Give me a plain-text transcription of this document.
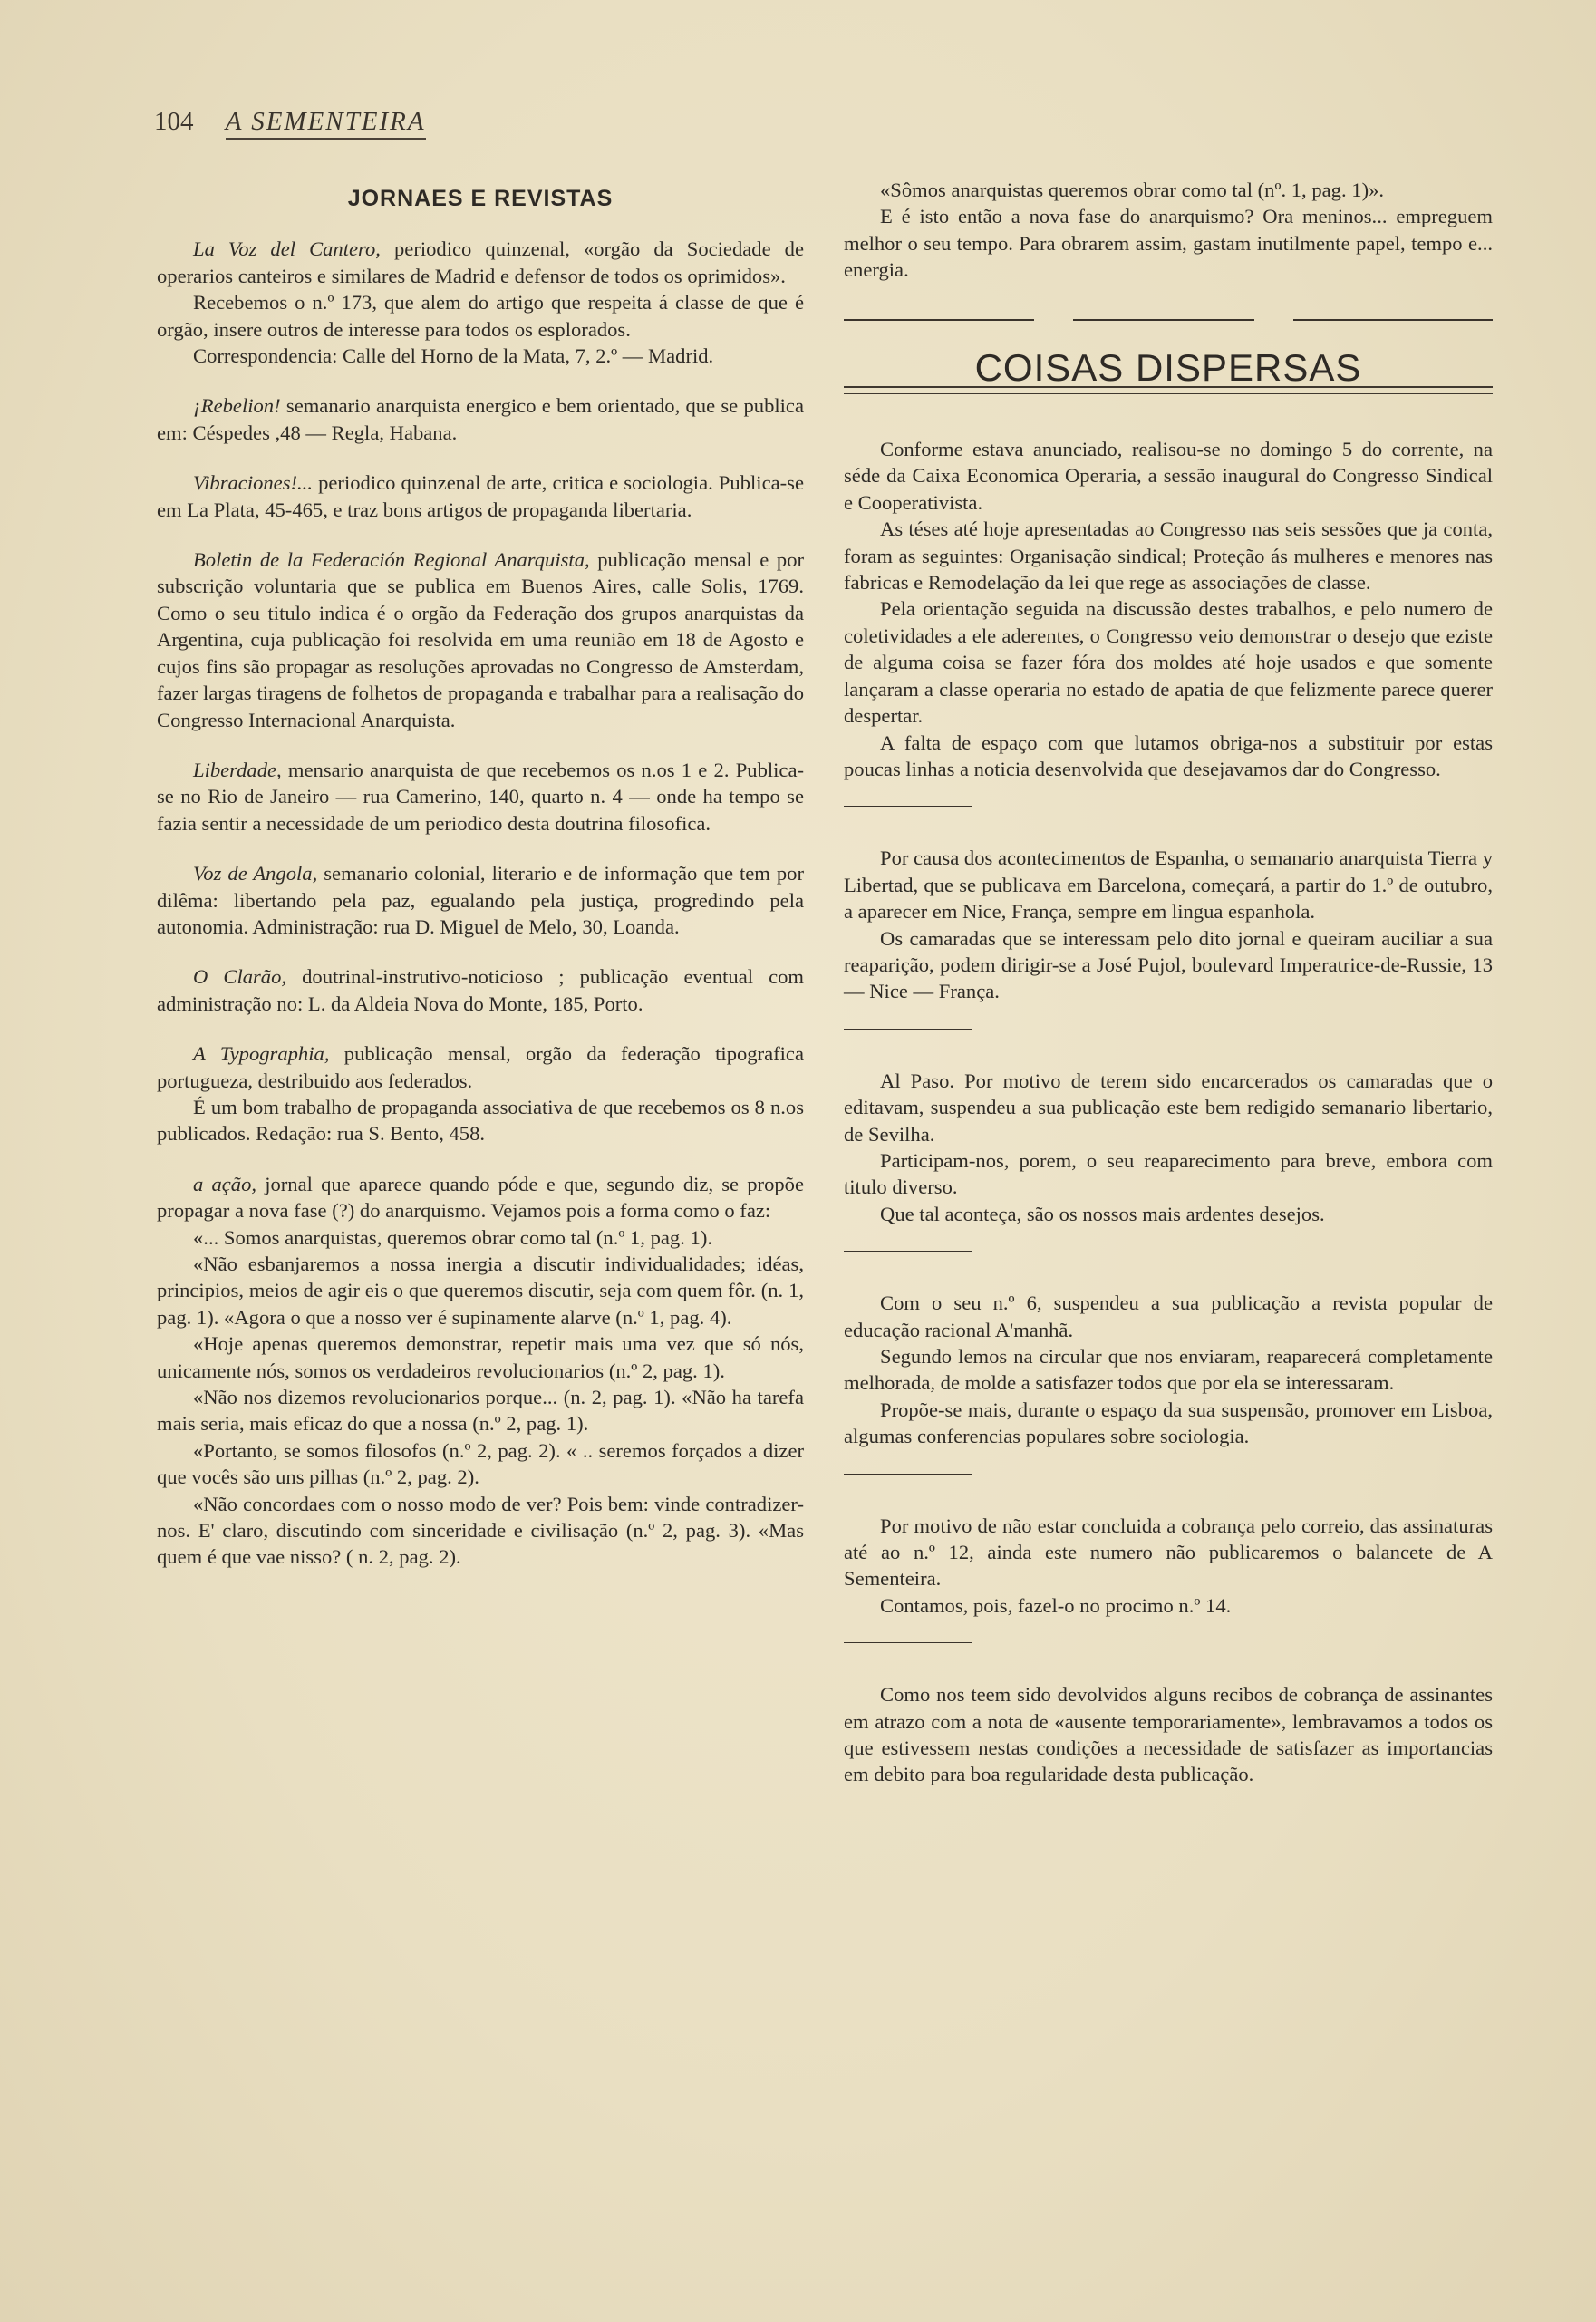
104 A SEMENTEIRA
JORNAES E REVISTAS

La Voz del Cantero, periodico quinzenal, «orgão da Sociedade de operarios canteiros e similares de Madrid e defensor de todos os oprimidos».

Recebemos o n.º 173, que alem do artigo que respeita á classe de que é orgão, insere outros de interesse para todos os esplorados.

Correspondencia: Calle del Horno de la Mata, 7, 2.º — Madrid.

¡Rebelion! semanario anarquista energico e bem orientado, que se publica em: Céspedes ,48 — Regla, Habana.

Vibraciones!... periodico quinzenal de arte, critica e sociologia. Publica-se em La Plata, 45-465, e traz bons artigos de propaganda libertaria.

Boletin de la Federación Regional Anarquista, publicação mensal e por subscrição voluntaria que se publica em Buenos Aires, calle Solis, 1769. Como o seu titulo indica é o orgão da Federação dos grupos anarquistas da Argentina, cuja publicação foi resolvida em uma reunião em 18 de Agosto e cujos fins são propagar as resoluções aprovadas no Congresso de Amsterdam, fazer largas tiragens de folhetos de propaganda e trabalhar para a realisação do Congresso Internacional Anarquista.

Liberdade, mensario anarquista de que recebemos os n.os 1 e 2. Publica-se no Rio de Janeiro — rua Camerino, 140, quarto n. 4 — onde ha tempo se fazia sentir a necessidade de um periodico desta doutrina filosofica.

Voz de Angola, semanario colonial, literario e de informação que tem por dilêma: libertando pela paz, egualando pela justiça, progredindo pela autonomia. Administração: rua D. Miguel de Melo, 30, Loanda.

O Clarão, doutrinal-instrutivo-noticioso ; publicação eventual com administração no: L. da Aldeia Nova do Monte, 185, Porto.

A Typographia, publicação mensal, orgão da federação tipografica portugueza, destribuido aos federados.

É um bom trabalho de propaganda associativa de que recebemos os 8 n.os publicados. Redação: rua S. Bento, 458.

a ação, jornal que aparece quando póde e que, segundo diz, se propõe propagar a nova fase (?) do anarquismo. Vejamos pois a forma como o faz:

«... Somos anarquistas, queremos obrar como tal (n.º 1, pag. 1).

«Não esbanjaremos a nossa inergia a discutir individualidades; idéas, principios, meios de agir eis o que queremos discutir, seja com quem fôr. (n. 1, pag. 1). «Agora o que a nosso ver é supinamente alarve (n.º 1, pag. 4).

«Hoje apenas queremos demonstrar, repetir mais uma vez que só nós, unicamente nós, somos os verdadeiros revolucionarios (n.º 2, pag. 1).

«Não nos dizemos revolucionarios porque... (n. 2, pag. 1). «Não ha tarefa mais seria, mais eficaz do que a nossa (n.º 2, pag. 1).

«Portanto, se somos filosofos (n.º 2, pag. 2). « .. seremos forçados a dizer que vocês são uns pilhas (n.º 2, pag. 2).

«Não concordaes com o nosso modo de ver? Pois bem: vinde contradizer-nos. E' claro, discutindo com sinceridade e civilisação (n.º 2, pag. 3). «Mas quem é que vae nisso? ( n. 2, pag. 2).

«Sômos anarquistas queremos obrar como tal (nº. 1, pag. 1)».

E é isto então a nova fase do anarquismo? Ora meninos... empreguem melhor o seu tempo. Para obrarem assim, gastam inutilmente papel, tempo e... energia.

COISAS DISPERSAS

Conforme estava anunciado, realisou-se no domingo 5 do corrente, na séde da Caixa Economica Operaria, a sessão inaugural do Congresso Sindical e Cooperativista.

As téses até hoje apresentadas ao Congresso nas seis sessões que ja conta, foram as seguintes: Organisação sindical; Proteção ás mulheres e menores nas fabricas e Remodelação da lei que rege as associações de classe.

Pela orientação seguida na discussão destes trabalhos, e pelo numero de coletividades a ele aderentes, o Congresso veio demonstrar o desejo que eziste de alguma coisa se fazer fóra dos moldes até hoje usados e que somente lançaram a classe operaria no estado de apatia de que felizmente parece querer despertar.

A falta de espaço com que lutamos obriga-nos a substituir por estas poucas linhas a noticia desenvolvida que desejavamos dar do Congresso.

Por causa dos acontecimentos de Espanha, o semanario anarquista Tierra y Libertad, que se publicava em Barcelona, começará, a partir do 1.º de outubro, a aparecer em Nice, França, sempre em lingua espanhola.

Os camaradas que se interessam pelo dito jornal e queiram auciliar a sua reaparição, podem dirigir-se a José Pujol, boulevard Imperatrice-de-Russie, 13 — Nice — França.

Al Paso. Por motivo de terem sido encarcerados os camaradas que o editavam, suspendeu a sua publicação este bem redigido semanario libertario, de Sevilha.

Participam-nos, porem, o seu reaparecimento para breve, embora com titulo diverso.

Que tal aconteça, são os nossos mais ardentes desejos.

Com o seu n.º 6, suspendeu a sua publicação a revista popular de educação racional A'manhã.

Segundo lemos na circular que nos enviaram, reaparecerá completamente melhorada, de molde a satisfazer todos que por ela se interessaram.

Propõe-se mais, durante o espaço da sua suspensão, promover em Lisboa, algumas conferencias populares sobre sociologia.

Por motivo de não estar concluida a cobrança pelo correio, das assinaturas até ao n.º 12, ainda este numero não publicaremos o balancete de A Sementeira.

Contamos, pois, fazel-o no procimo n.º 14.

Como nos teem sido devolvidos alguns recibos de cobrança de assinantes em atrazo com a nota de «ausente temporariamente», lembravamos a todos os que estivessem nestas condições a necessidade de satisfazer as importancias em debito para boa regularidade desta publicação.
